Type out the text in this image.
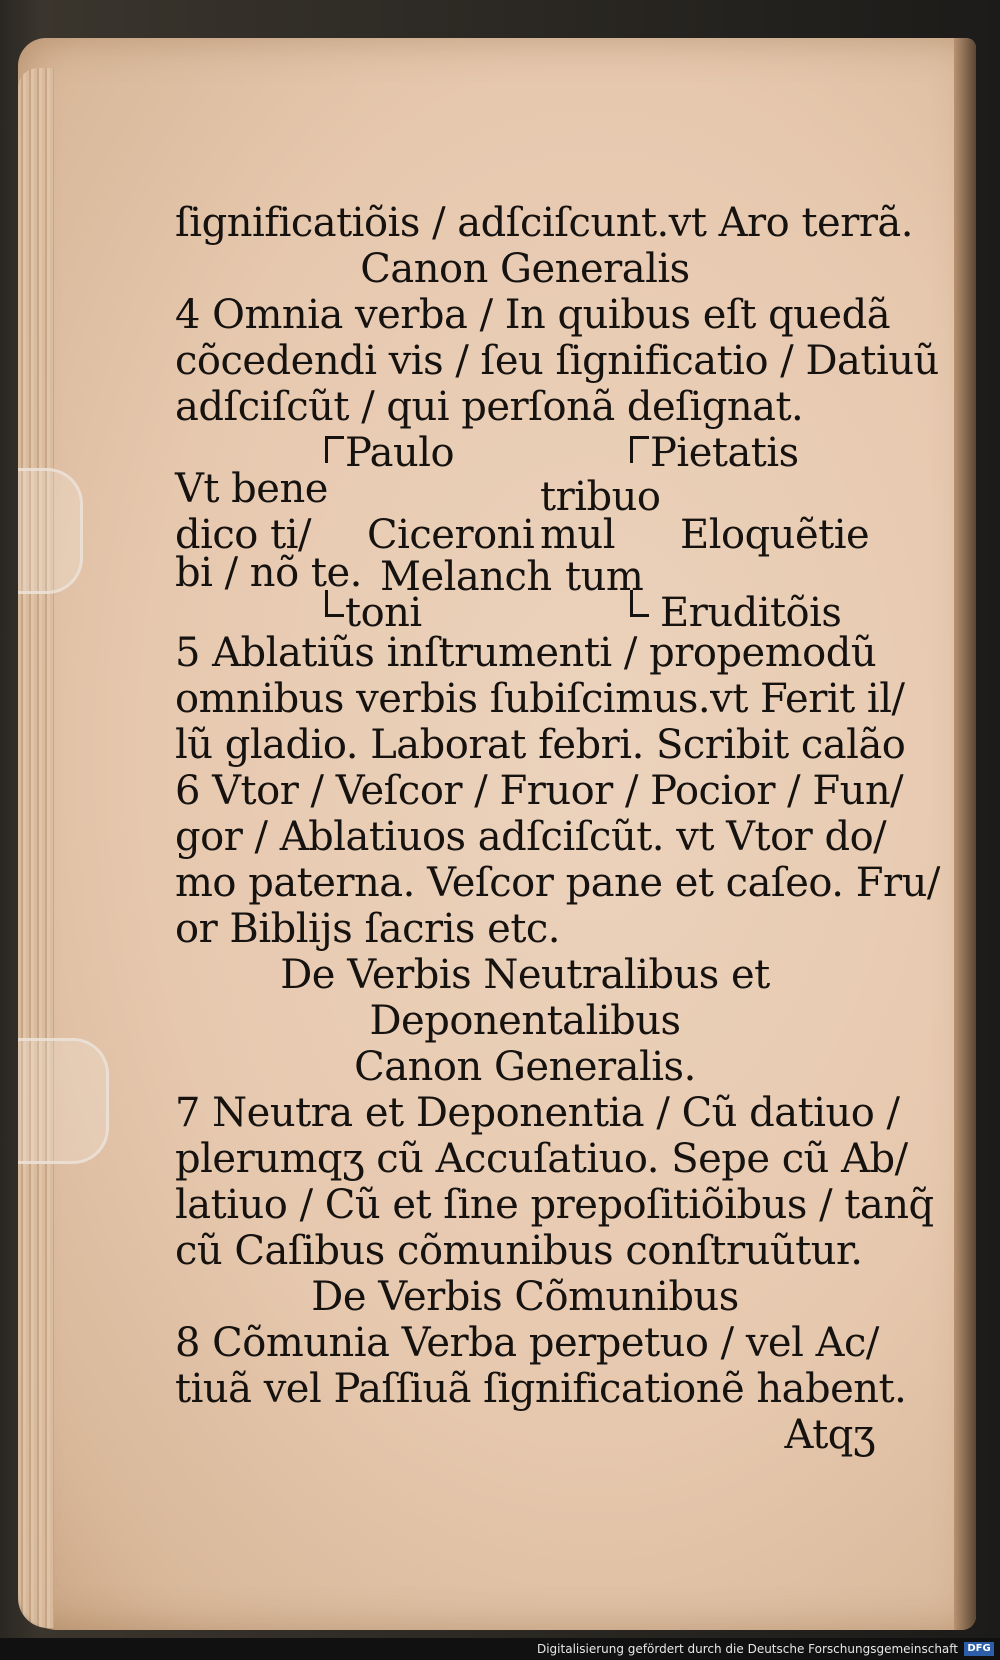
ſignificatiõis / adſciſcunt.vt Aro terrã.
Canon Generalis
4 Omnia verba / In quibus eſt quedã
cõcedendi vis / ſeu ſignificatio / Datiuũ
adſciſcũt / qui perſonã deſignat.
Paulo	Pietatis
Vt bene	tribuo
dico ti/ Ciceroni mul Eloquẽtie
bi / nõ te. Melanch tum
toni	Eruditõis
5 Ablatiũs inſtrumenti / propemodũ
omnibus verbis ſubiſcimus.vt Ferit il/
lũ gladio. Laborat febri. Scribit calão
6 Vtor / Veſcor / Fruor / Pocior / Fun/
gor / Ablatiuos adſciſcũt. vt Vtor do/
mo paterna. Veſcor pane et caſeo. Fru/
or Biblijs ſacris etc.
De Verbis Neutralibus et
Deponentalibus
Canon Generalis.
7 Neutra et Deponentia / Cũ datiuo /
plerumqʒ cũ Accuſatiuo. Sepe cũ Ab/
latiuo / Cũ et ſine prepoſitiõibus / tanq̃
cũ Caſibus cõmunibus conſtruũtur.
De Verbis Cõmunibus
8 Cõmunia Verba perpetuo / vel Ac/
tiuã vel Paſſiuã ſignificationẽ habent.
Atqʒ
Digitalisierung gefördert durch die Deutsche Forschungsgemeinschaft DFG
